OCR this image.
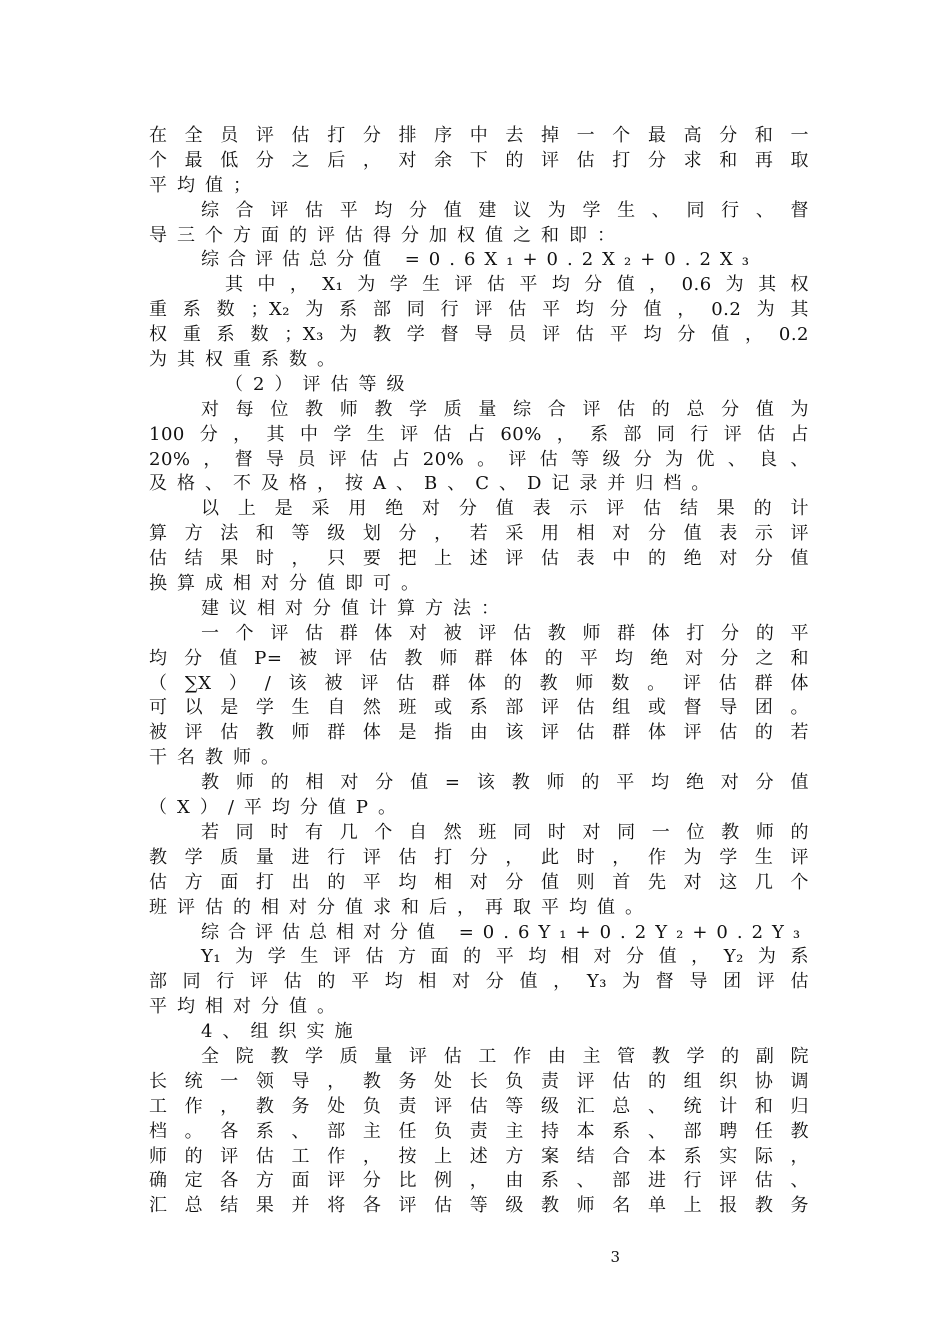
在全员评估打分排序中去掉一个最高分和一
个最低分之后，对余下的评估打分求和再取
平均值；
综合评估平均分值建议为学生、同行、督
导三个方面的评估得分加权值之和即：
综合评估总分值 =0.6X₁+0.2X₂+0.2X₃
其中，X₁为学生评估平均分值，0.6为其权
重系数；X₂为系部同行评估平均分值，0.2为其
权重系数；X₃为教学督导员评估平均分值，0.2
为其权重系数。
（2）评估等级
对每位教师教学质量综合评估的总分值为
100分，其中学生评估占60%，系部同行评估占
20%，督导员评估占20%。评估等级分为优、良、
及格、不及格，按A、B、C、D记录并归档。
以上是采用绝对分值表示评估结果的计
算方法和等级划分，若采用相对分值表示评
估结果时，只要把上述评估表中的绝对分值
换算成相对分值即可。
建议相对分值计算方法：
一个评估群体对被评估教师群体打分的平
均分值P=被评估教师群体的平均绝对分之和
（∑X）/该被评估群体的教师数。评估群体
可以是学生自然班或系部评估组或督导团。
被评估教师群体是指由该评估群体评估的若
干名教师。
教师的相对分值=该教师的平均绝对分值
（X）/平均分值P。
若同时有几个自然班同时对同一位教师的
教学质量进行评估打分，此时，作为学生评
估方面打出的平均相对分值则首先对这几个
班评估的相对分值求和后，再取平均值。
综合评估总相对分值 =0.6Y₁+0.2Y₂+0.2Y₃
Y₁为学生评估方面的平均相对分值，Y₂为系
部同行评估的平均相对分值，Y₃为督导团评估
平均相对分值。
4、组织实施
全院教学质量评估工作由主管教学的副院
长统一领导，教务处长负责评估的组织协调
工作，教务处负责评估等级汇总、统计和归
档。各系、部主任负责主持本系、部聘任教
师的评估工作，按上述方案结合本系实际，
确定各方面评分比例，由系、部进行评估、
汇总结果并将各评估等级教师名单上报教务
3
